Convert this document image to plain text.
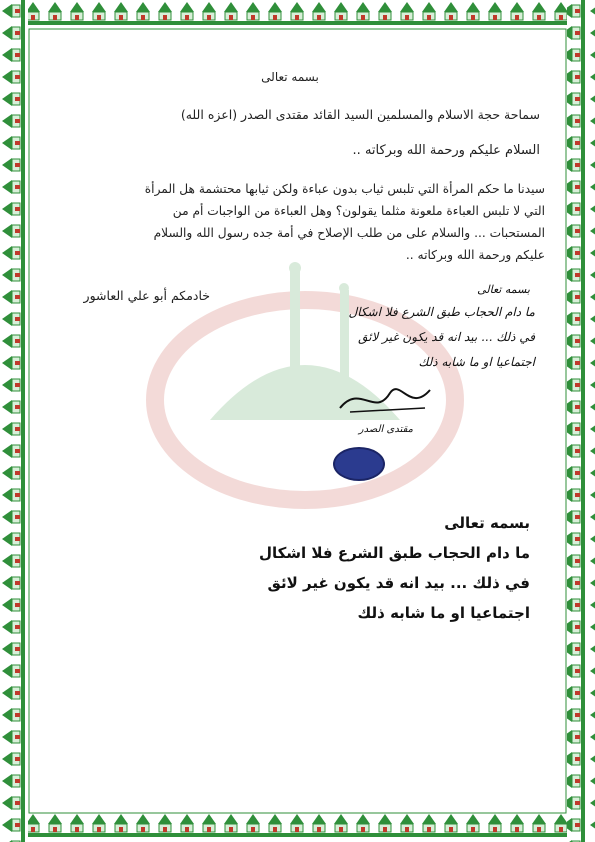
بسمه تعالى
سماحة حجة الاسلام والمسلمين السيد القائد مقتدى الصدر (اعزه الله)
السلام عليكم ورحمة الله وبركاته ..
سيدنا ما حكم المرأة التي تلبس ثياب بدون عباءة ولكن ثيابها محتشمة هل المرأة
التي لا تلبس العباءة ملعونة مثلما يقولون؟ وهل العباءة من الواجبات أم من
المستحبات ... والسلام على من طلب الإصلاح في أمة جده رسول الله والسلام
عليكم ورحمة الله وبركاته ..
خادمكم أبو علي العاشور	بسمه تعالى
ما دام الحجاب طبق الشرع فلا اشكال
في ذلك ... بيد انه قد يكون غير لائق
اجتماعيا او ما شابه ذلك
مقتدى الصدر
بسمه تعالى
ما دام الحجاب طبق الشرع فلا اشكال
في ذلك ... بيد انه قد يكون غير لائق
اجتماعيا او ما شابه ذلك
